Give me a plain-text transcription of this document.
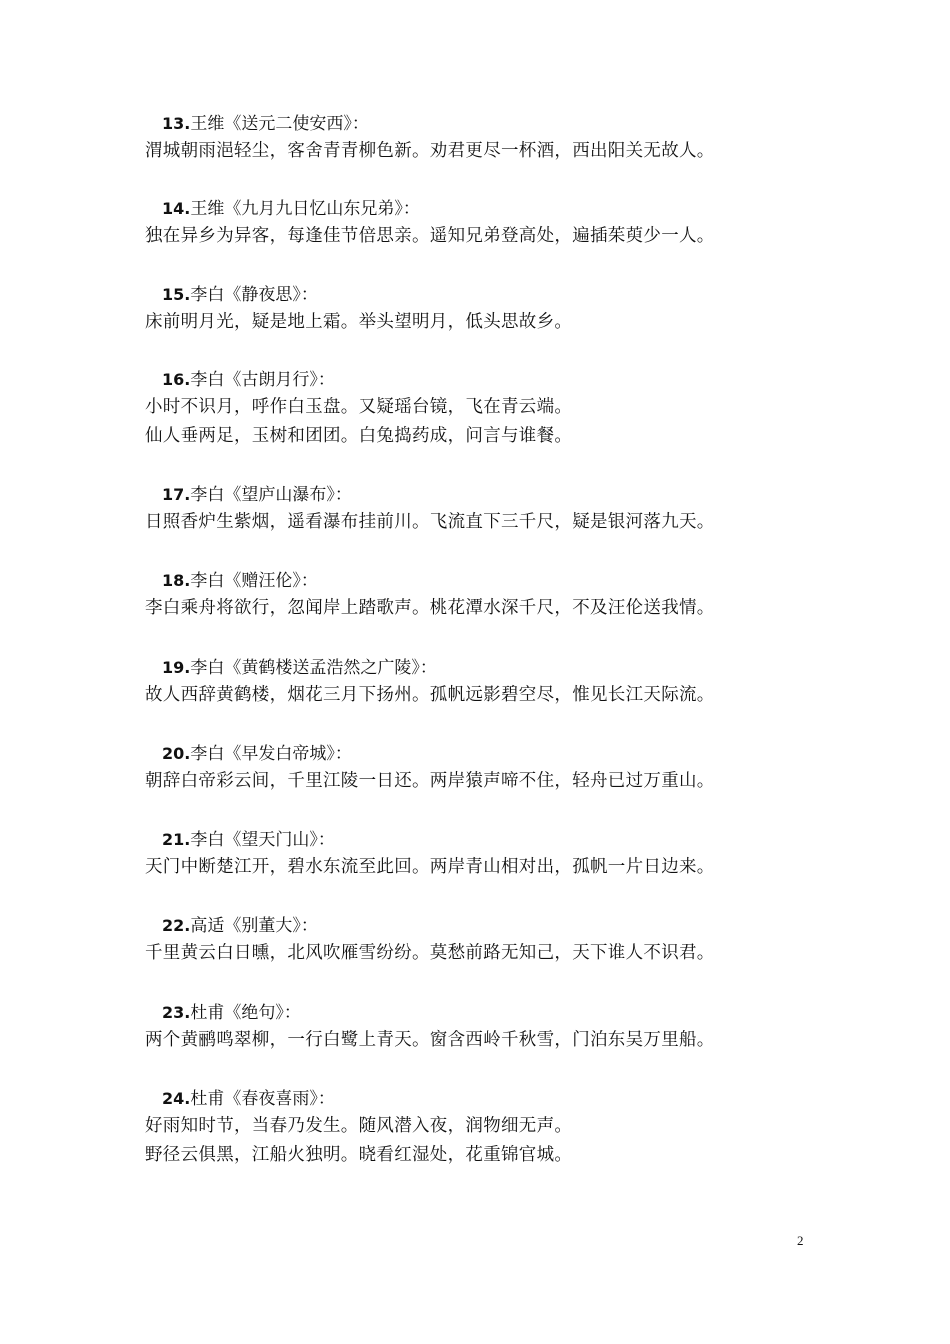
13.王维《送元二使安西》：
渭城朝雨浥轻尘，客舍青青柳色新。劝君更尽一杯酒，西出阳关无故人。
14.王维《九月九日忆山东兄弟》：
独在异乡为异客，每逢佳节倍思亲。遥知兄弟登高处，遍插茱萸少一人。
15.李白《静夜思》：
床前明月光，疑是地上霜。举头望明月，低头思故乡。
16.李白《古朗月行》：
小时不识月，呼作白玉盘。又疑瑶台镜，飞在青云端。
仙人垂两足，玉树和团团。白兔捣药成，问言与谁餐。
17.李白《望庐山瀑布》：
日照香炉生紫烟，遥看瀑布挂前川。飞流直下三千尺，疑是银河落九天。
18.李白《赠汪伦》：
李白乘舟将欲行，忽闻岸上踏歌声。桃花潭水深千尺，不及汪伦送我情。
19.李白《黄鹤楼送孟浩然之广陵》：
故人西辞黄鹤楼，烟花三月下扬州。孤帆远影碧空尽，惟见长江天际流。
20.李白《早发白帝城》：
朝辞白帝彩云间，千里江陵一日还。两岸猿声啼不住，轻舟已过万重山。
21.李白《望天门山》：
天门中断楚江开，碧水东流至此回。两岸青山相对出，孤帆一片日边来。
22.高适《别董大》：
千里黄云白日曛，北风吹雁雪纷纷。莫愁前路无知己，天下谁人不识君。
23.杜甫《绝句》：
两个黄鹂鸣翠柳，一行白鹭上青天。窗含西岭千秋雪，门泊东吴万里船。
24.杜甫《春夜喜雨》：
好雨知时节，当春乃发生。随风潜入夜，润物细无声。
野径云俱黑，江船火独明。晓看红湿处，花重锦官城。
2
